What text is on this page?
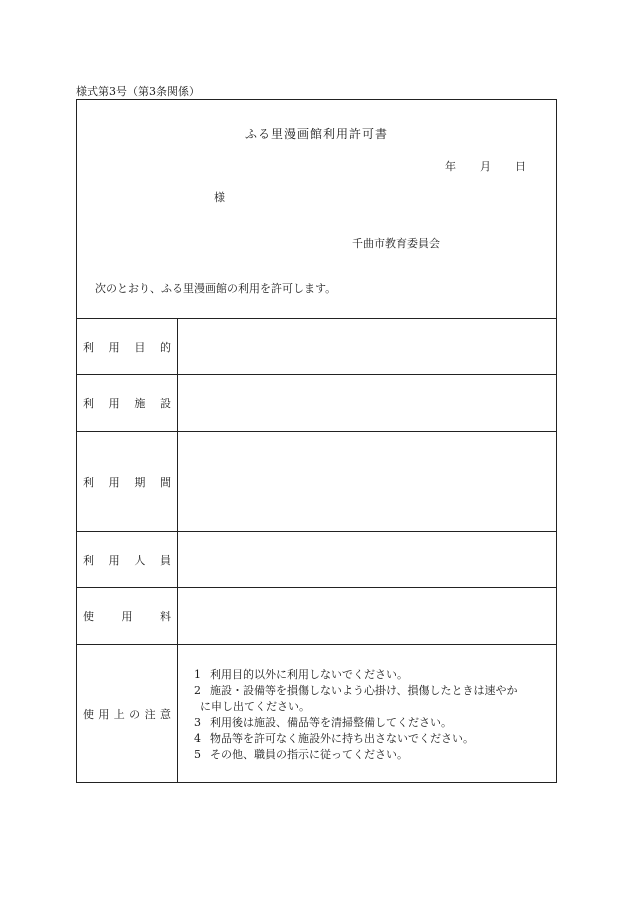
様式第3号（第3条関係）
ふる里漫画館利用許可書
年 月 日
様
千曲市教育委員会
次のとおり、ふる里漫画館の利用を許可します。
利 用 目 的
利 用 施 設
利 用 期 間
利 用 人 員
使	用	料
使 用 上 の 注 意
1 利用目的以外に利用しないでください。
2 施設・設備等を損傷しないよう心掛け、損傷したときは速やか
に申し出てください。
3 利用後は施設、備品等を清掃整備してください。
4 物品等を許可なく施設外に持ち出さないでください。
5 その他、職員の指示に従ってください。
